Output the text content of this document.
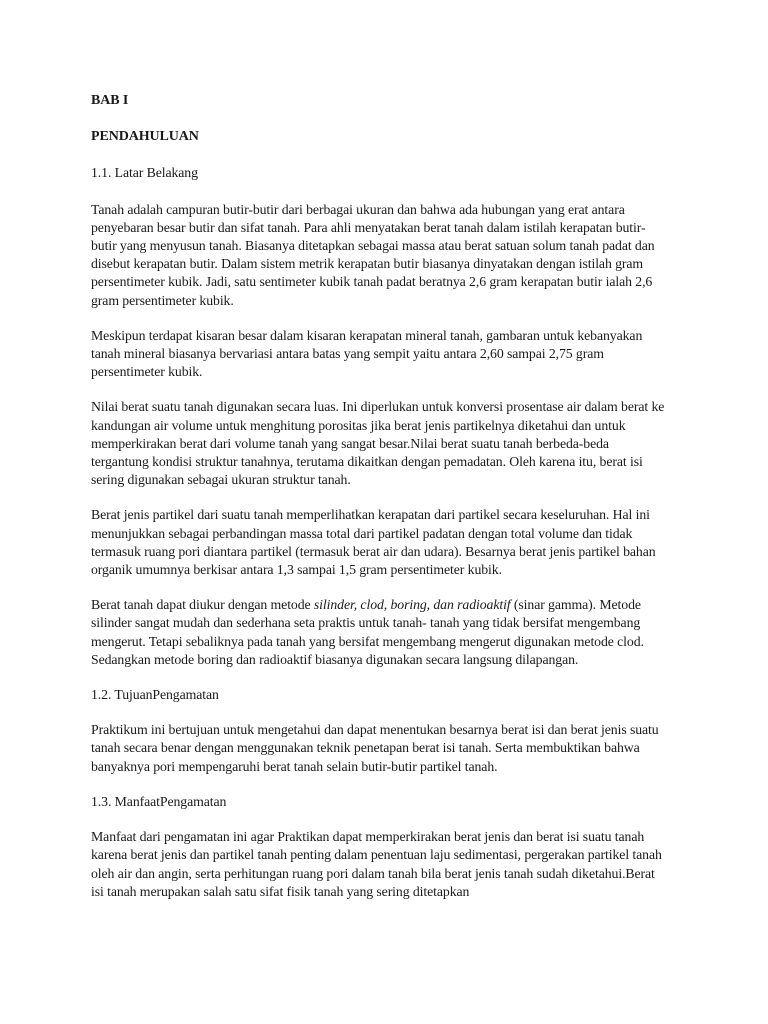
BAB I

PENDAHULUAN

1.1. Latar Belakang

Tanah adalah campuran butir-butir dari berbagai ukuran dan bahwa ada hubungan yang erat antara penyebaran besar butir dan sifat tanah. Para ahli menyatakan berat tanah dalam istilah kerapatan butir-butir yang menyusun tanah. Biasanya ditetapkan sebagai massa atau berat satuan solum tanah padat dan disebut kerapatan butir. Dalam sistem metrik kerapatan butir biasanya dinyatakan dengan istilah gram persentimeter kubik. Jadi, satu sentimeter kubik tanah padat beratnya 2,6 gram kerapatan butir ialah 2,6 gram persentimeter kubik.

Meskipun terdapat kisaran besar dalam kisaran kerapatan mineral tanah, gambaran untuk kebanyakan tanah mineral biasanya bervariasi antara batas yang sempit yaitu antara 2,60 sampai 2,75 gram persentimeter kubik.

Nilai berat suatu tanah digunakan secara luas. Ini diperlukan untuk konversi prosentase air dalam berat ke kandungan air volume untuk menghitung porositas jika berat jenis partikelnya diketahui dan untuk memperkirakan berat dari volume tanah yang sangat besar.Nilai berat suatu tanah berbeda-beda tergantung kondisi struktur tanahnya, terutama dikaitkan dengan pemadatan. Oleh karena itu, berat isi sering digunakan sebagai ukuran struktur tanah.

Berat jenis partikel dari suatu tanah memperlihatkan kerapatan dari partikel secara keseluruhan. Hal ini menunjukkan sebagai perbandingan massa total dari partikel padatan dengan total volume dan tidak termasuk ruang pori diantara partikel (termasuk berat air dan udara). Besarnya berat jenis partikel bahan organik umumnya berkisar antara 1,3 sampai 1,5 gram persentimeter kubik.

Berat tanah dapat diukur dengan metode silinder, clod, boring, dan radioaktif (sinar gamma). Metode silinder sangat mudah dan sederhana seta praktis untuk tanah- tanah yang tidak bersifat mengembang mengerut. Tetapi sebaliknya pada tanah yang bersifat mengembang mengerut digunakan metode clod. Sedangkan metode boring dan radioaktif biasanya digunakan secara langsung dilapangan.

1.2. TujuanPengamatan

Praktikum ini bertujuan untuk mengetahui dan dapat menentukan besarnya berat isi dan berat jenis suatu tanah secara benar dengan menggunakan teknik penetapan berat isi tanah. Serta membuktikan bahwa banyaknya pori mempengaruhi berat tanah selain butir-butir partikel tanah.

1.3. ManfaatPengamatan

Manfaat dari pengamatan ini agar Praktikan dapat memperkirakan berat jenis dan berat isi suatu tanah karena berat jenis dan partikel tanah penting dalam penentuan laju sedimentasi, pergerakan partikel tanah oleh air dan angin, serta perhitungan ruang pori dalam tanah bila berat jenis tanah sudah diketahui.Berat isi tanah merupakan salah satu sifat fisik tanah yang sering ditetapkan
